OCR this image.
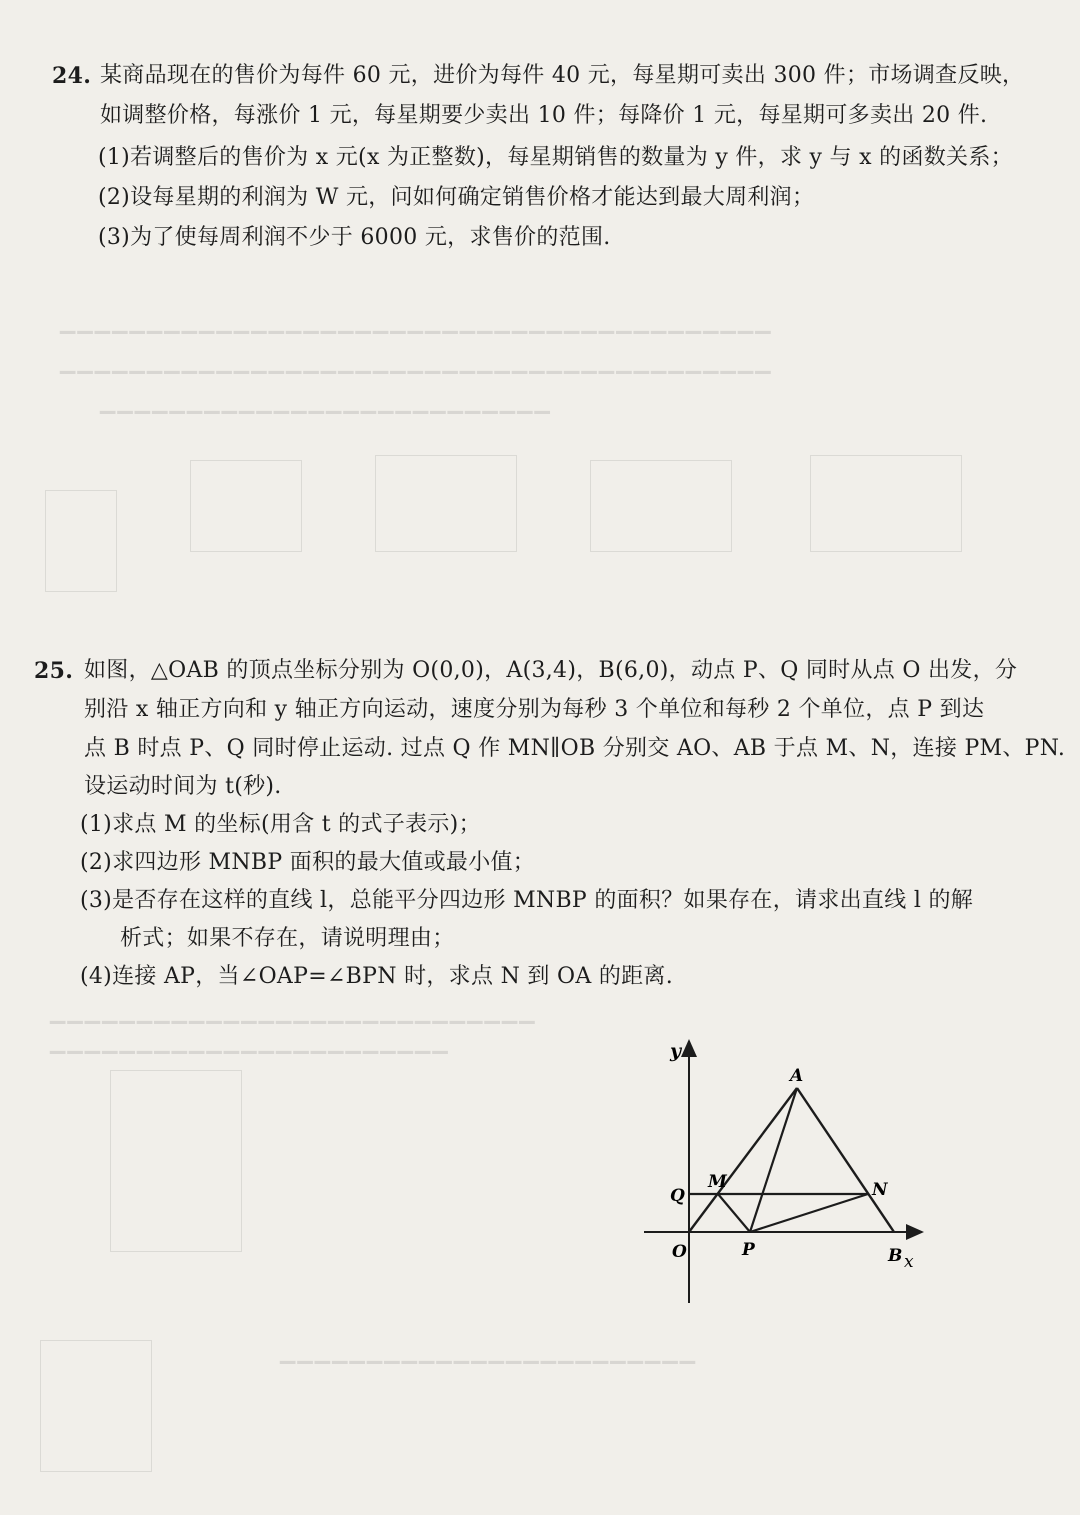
▁▁▁▁▁▁▁▁▁▁▁▁▁▁▁▁▁▁▁▁▁▁▁▁▁▁▁▁▁▁▁▁▁▁▁▁▁▁▁▁▁
▁▁▁▁▁▁▁▁▁▁▁▁▁▁▁▁▁▁▁▁▁▁▁▁▁▁▁▁▁▁▁▁▁▁▁▁▁▁▁▁▁
▁▁▁▁▁▁▁▁▁▁▁▁▁▁▁▁▁▁▁▁▁▁▁▁▁▁
▁▁▁▁▁▁▁▁▁▁▁▁▁▁▁▁▁▁▁▁▁▁▁▁▁▁▁▁
▁▁▁▁▁▁▁▁▁▁▁▁▁▁▁▁▁▁▁▁▁▁▁
▁▁▁▁▁▁▁▁▁▁▁▁▁▁▁▁▁▁▁▁▁▁▁▁
24. 某商品现在的售价为每件 60 元，进价为每件 40 元，每星期可卖出 300 件；市场调查反映，
如调整价格，每涨价 1 元，每星期要少卖出 10 件；每降价 1 元，每星期可多卖出 20 件.
(1)若调整后的售价为 x 元(x 为正整数)，每星期销售的数量为 y 件，求 y 与 x 的函数关系；
(2)设每星期的利润为 W 元，问如何确定销售价格才能达到最大周利润；
(3)为了使每周利润不少于 6000 元，求售价的范围.
25. 如图，△OAB 的顶点坐标分别为 O(0,0)，A(3,4)，B(6,0)，动点 P、Q 同时从点 O 出发，分
别沿 x 轴正方向和 y 轴正方向运动，速度分别为每秒 3 个单位和每秒 2 个单位，点 P 到达
点 B 时点 P、Q 同时停止运动. 过点 Q 作 MN∥OB 分别交 AO、AB 于点 M、N，连接 PM、PN.
设运动时间为 t(秒).
(1)求点 M 的坐标(用含 t 的式子表示)；
(2)求四边形 MNBP 面积的最大值或最小值；
(3)是否存在这样的直线 l，总能平分四边形 MNBP 的面积？如果存在，请求出直线 l 的解
析式；如果不存在，请说明理由；
(4)连接 AP，当∠OAP=∠BPN 时，求点 N 到 OA 的距离.
y
x
O
A
B
P
Q
M	N
